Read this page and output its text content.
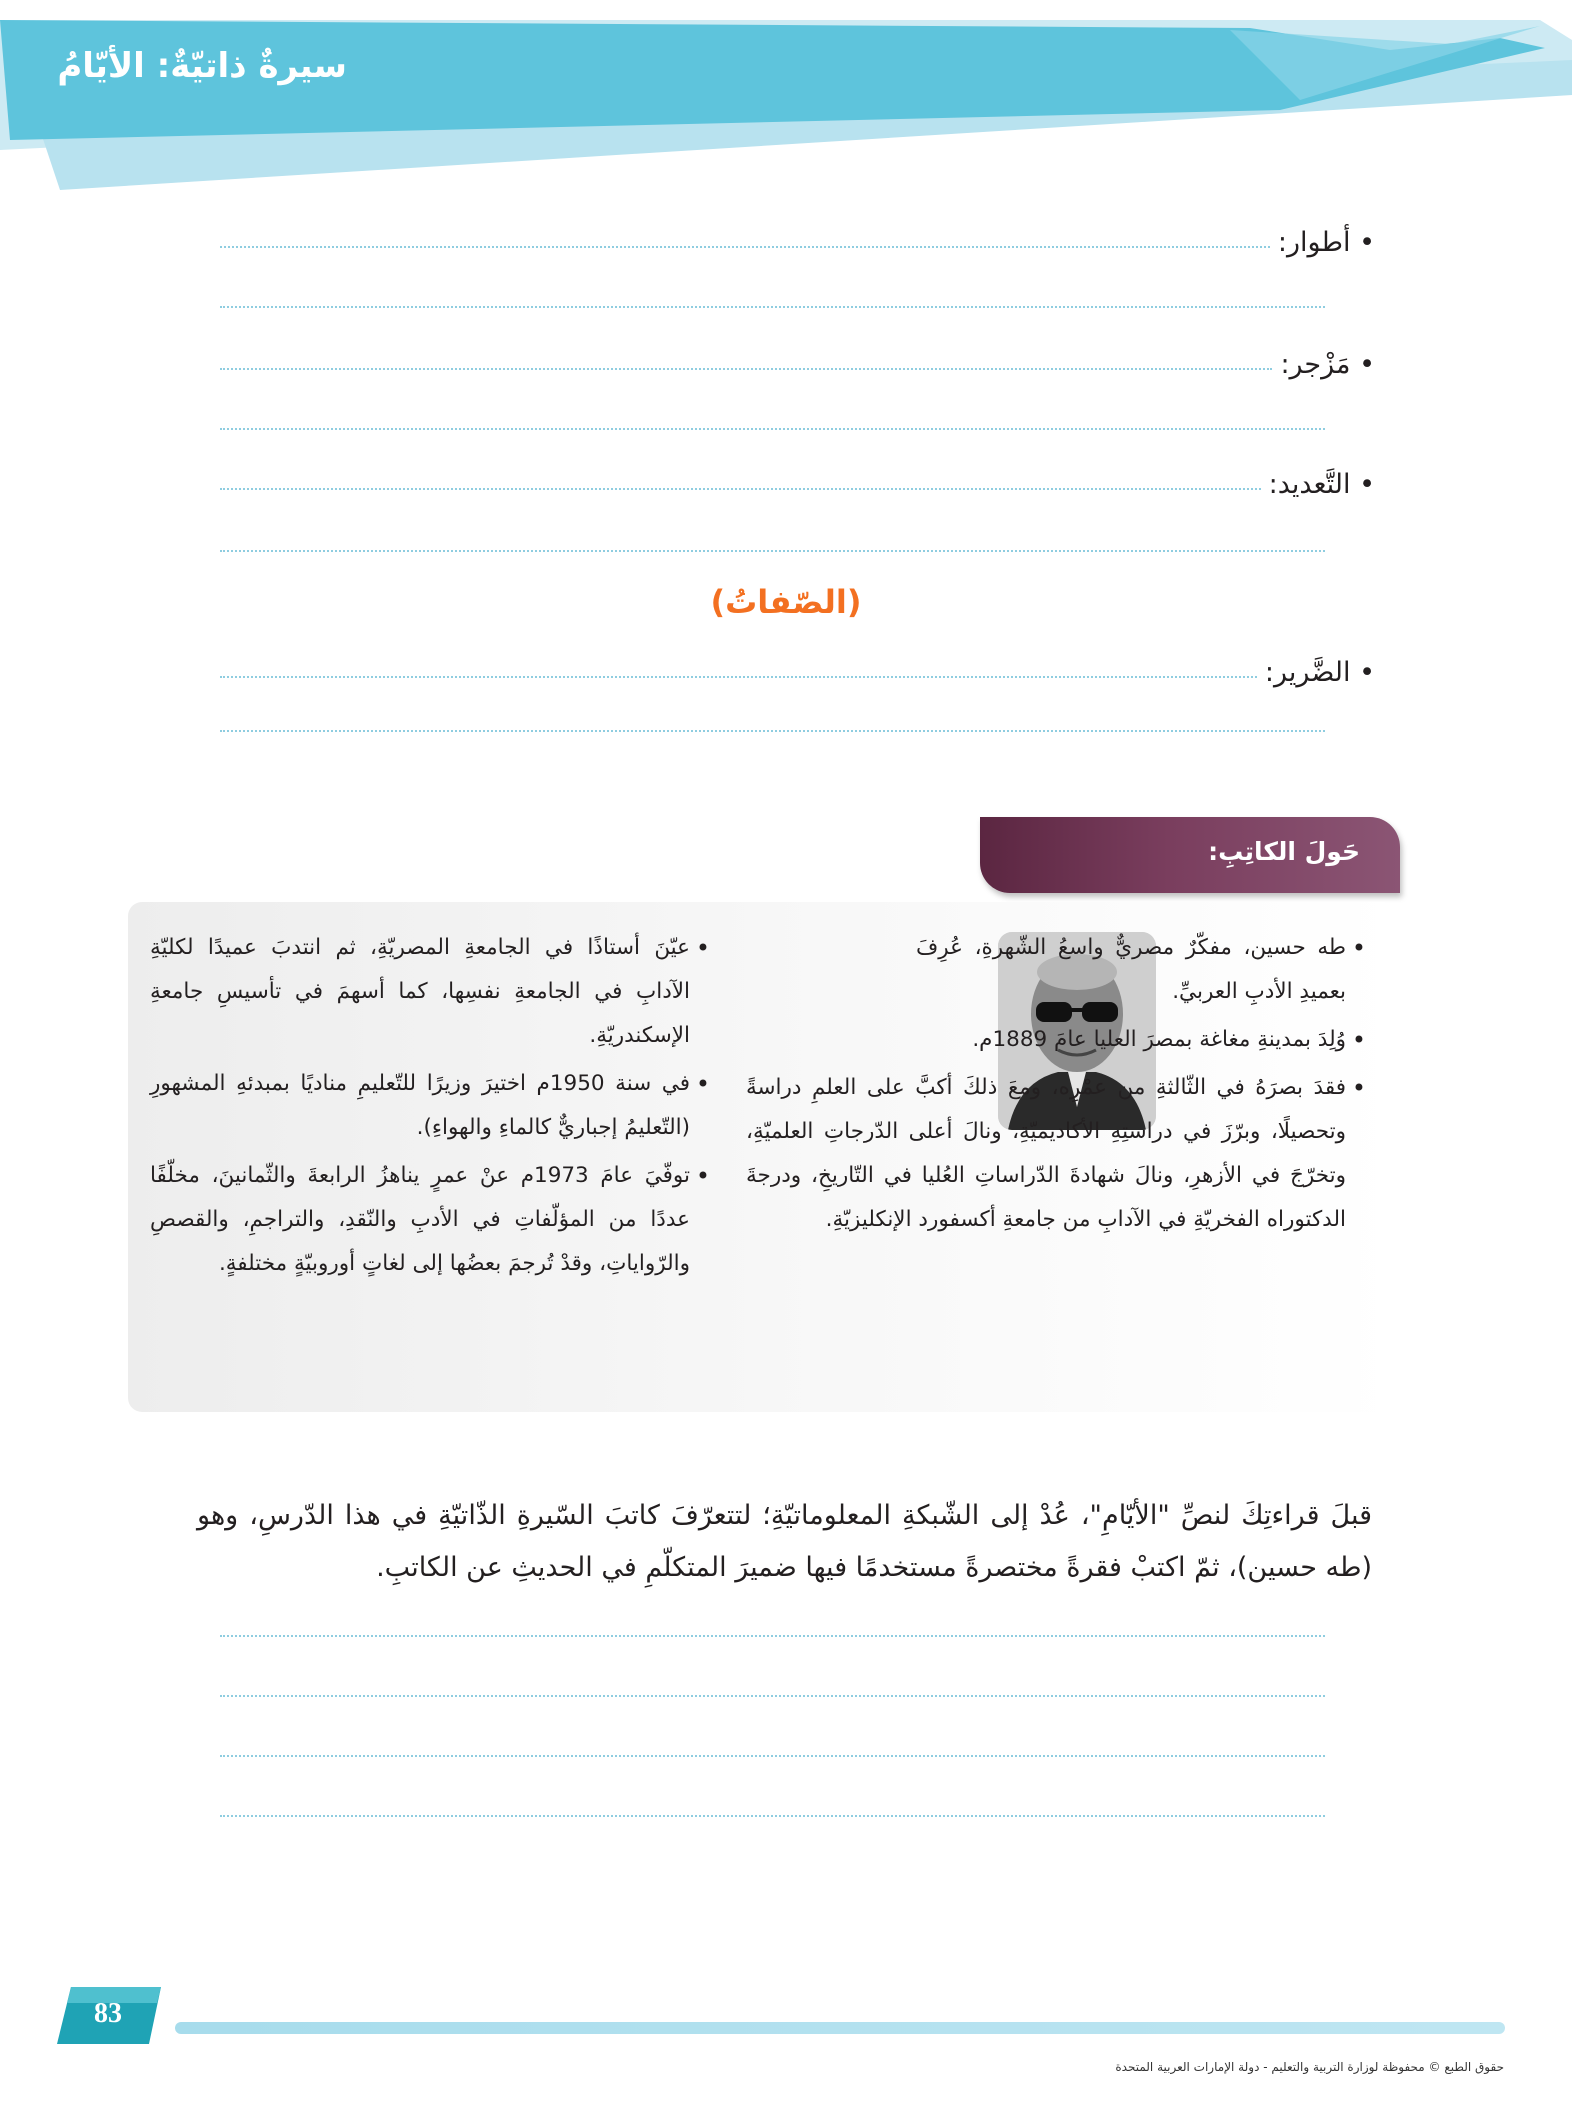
سيرةٌ ذاتيّةٌ: الأيّامُ
• أطوار:
• مَزْجر:
• التَّعديد:
(الصّفاتُ)
• الضَّرير:
حَولَ الكاتِبِ:
• طه حسين، مفكّرٌ مصريٌّ واسعُ الشّهرةِ، عُرِفَ بعميدِ الأدبِ العربيِّ.
• وُلِدَ بمدينةِ مغاغة بمصرَ العليا عامَ 1889م.
• فقدَ بصرَهُ في الثّالثةِ من عمْرِه، ومعَ ذلكَ أكبَّ على العلمِ دراسةً وتحصيلًا، وبرّزَ في دراستِهِ الأكاديميّةِ، ونالَ أعلى الدّرجاتِ العلميّةِ، وتخرّجَ في الأزهرِ، ونالَ شهادةَ الدّراساتِ العُليا في التّاريخِ، ودرجةَ الدكتوراه الفخريّةِ في الآدابِ من جامعةِ أكسفورد الإنكليزيّةِ.
• عيّنَ أستاذًا في الجامعةِ المصريّةِ، ثم انتدبَ عميدًا لكليّةِ الآدابِ في الجامعةِ نفسِها، كما أسهمَ في تأسيسِ جامعةِ الإسكندريّةِ.
• في سنة 1950م اختيرَ وزيرًا للتّعليمِ مناديًا بمبدئهِ المشهورِ (التّعليمُ إجباريٌّ كالماءِ والهواءِ).
• توفّيَ عامَ 1973م عنْ عمرٍ يناهزُ الرابعةَ والثّمانينَ، مخلّفًا عددًا من المؤلّفاتِ في الأدبِ والنّقدِ، والتراجمِ، والقصصِ والرّواياتِ، وقدْ تُرجمَ بعضُها إلى لغاتٍ أوروبيّةٍ مختلفةٍ.
قبلَ قراءتِكَ لنصِّ "الأيّامِ"، عُدْ إلى الشّبكةِ المعلوماتيّةِ؛ لتتعرّفَ كاتبَ السّيرةِ الذّاتيّةِ في هذا الدّرسِ، وهو (طه حسين)، ثمّ اكتبْ فقرةً مختصرةً مستخدمًا فيها ضميرَ المتكلّمِ في الحديثِ عن الكاتبِ.
83
حقوق الطبع © محفوظة لوزارة التربية والتعليم - دولة الإمارات العربية المتحدة
